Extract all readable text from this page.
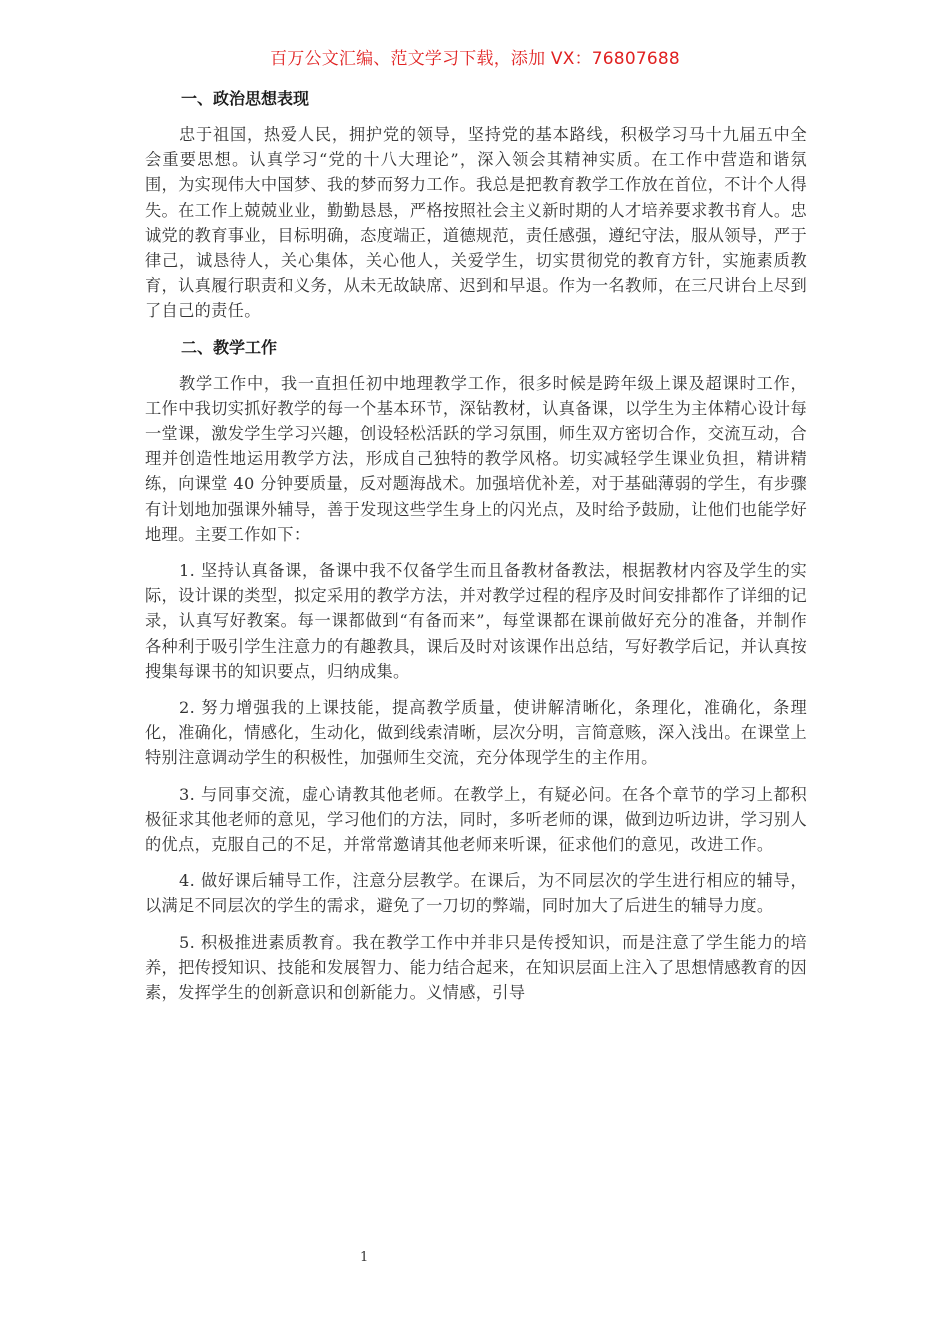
百万公文汇编、范文学习下载，添加 VX：76807688
一、政治思想表现

忠于祖国，热爱人民，拥护党的领导，坚持党的基本路线，积极学习马十九届五中全会重要思想。认真学习“党的十八大理论”，深入领会其精神实质。在工作中营造和谐氛围，为实现伟大中国梦、我的梦而努力工作。我总是把教育教学工作放在首位，不计个人得失。在工作上兢兢业业，勤勤恳恳，严格按照社会主义新时期的人才培养要求教书育人。忠诚党的教育事业，目标明确，态度端正，道德规范，责任感强，遵纪守法，服从领导，严于律己，诚恳待人，关心集体，关心他人，关爱学生，切实贯彻党的教育方针，实施素质教育，认真履行职责和义务，从未无故缺席、迟到和早退。作为一名教师，在三尺讲台上尽到了自己的责任。

二、教学工作

教学工作中，我一直担任初中地理教学工作，很多时候是跨年级上课及超课时工作，工作中我切实抓好教学的每一个基本环节，深钻教材，认真备课，以学生为主体精心设计每一堂课，激发学生学习兴趣，创设轻松活跃的学习氛围，师生双方密切合作，交流互动，合理并创造性地运用教学方法，形成自己独特的教学风格。切实减轻学生课业负担，精讲精练，向课堂 40 分钟要质量，反对题海战术。加强培优补差，对于基础薄弱的学生，有步骤有计划地加强课外辅导，善于发现这些学生身上的闪光点，及时给予鼓励，让他们也能学好地理。主要工作如下：

1. 坚持认真备课，备课中我不仅备学生而且备教材备教法，根据教材内容及学生的实际，设计课的类型，拟定采用的教学方法，并对教学过程的程序及时间安排都作了详细的记录，认真写好教案。每一课都做到“有备而来”，每堂课都在课前做好充分的准备，并制作各种利于吸引学生注意力的有趣教具，课后及时对该课作出总结，写好教学后记，并认真按搜集每课书的知识要点，归纳成集。

2. 努力增强我的上课技能，提高教学质量，使讲解清晰化，条理化，准确化，条理化，准确化，情感化，生动化，做到线索清晰，层次分明，言简意赅，深入浅出。在课堂上特别注意调动学生的积极性，加强师生交流，充分体现学生的主作用。

3. 与同事交流，虚心请教其他老师。在教学上，有疑必问。在各个章节的学习上都积极征求其他老师的意见，学习他们的方法，同时，多听老师的课，做到边听边讲，学习别人的优点，克服自己的不足，并常常邀请其他老师来听课，征求他们的意见，改进工作。

4. 做好课后辅导工作，注意分层教学。在课后，为不同层次的学生进行相应的辅导，以满足不同层次的学生的需求，避免了一刀切的弊端，同时加大了后进生的辅导力度。

5. 积极推进素质教育。我在教学工作中并非只是传授知识，而是注意了学生能力的培养，把传授知识、技能和发展智力、能力结合起来，在知识层面上注入了思想情感教育的因素，发挥学生的创新意识和创新能力。义情感，引导

1
